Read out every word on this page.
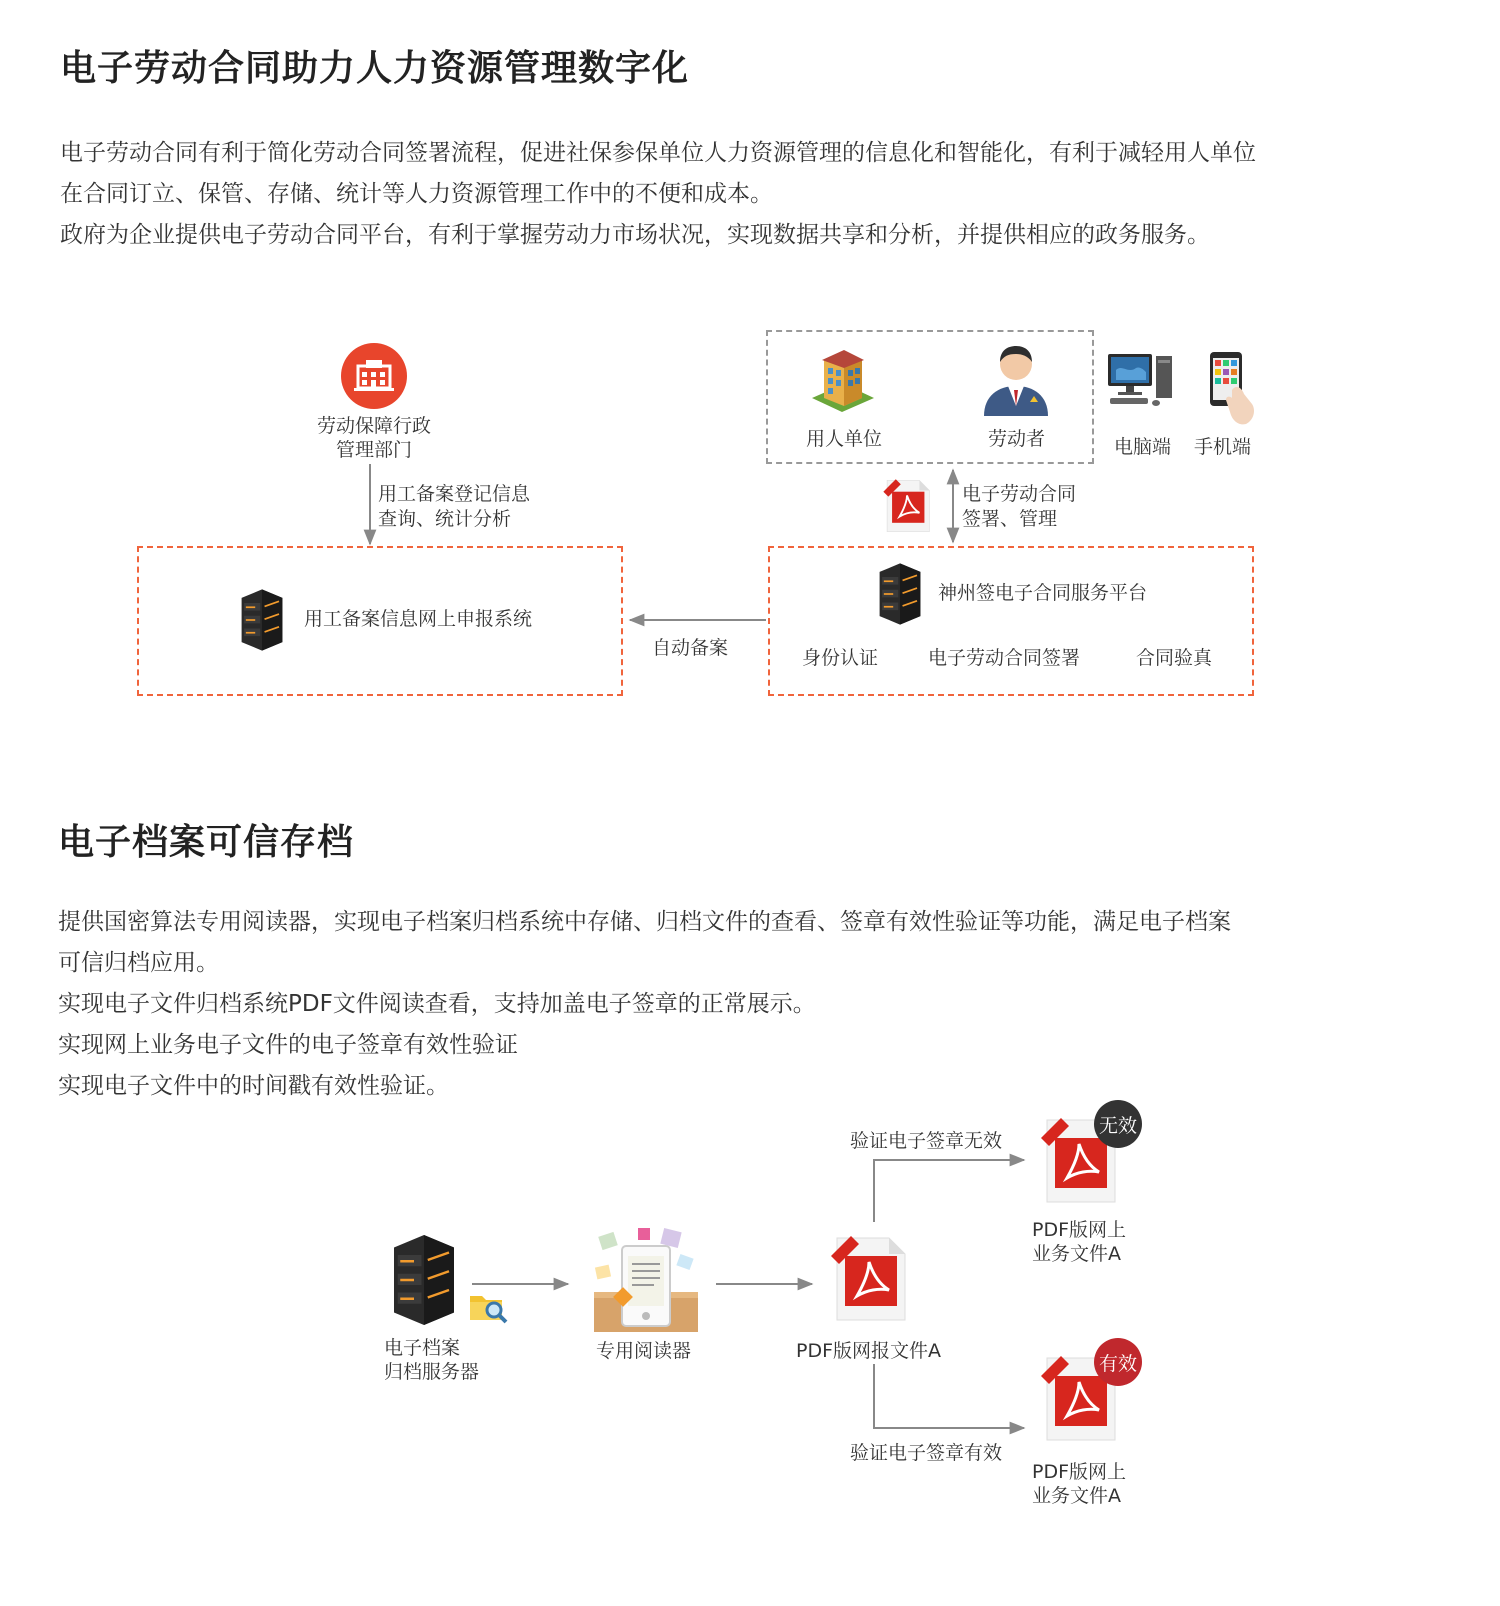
电子劳动合同助力人力资源管理数字化
电子劳动合同有利于简化劳动合同签署流程，促进社保参保单位人力资源管理的信息化和智能化，有利于减轻用人单位
在合同订立、保管、存储、统计等人力资源管理工作中的不便和成本。
政府为企业提供电子劳动合同平台，有利于掌握劳动力市场状况，实现数据共享和分析，并提供相应的政务服务。
劳动保障行政
管理部门
用工备案登记信息
查询、统计分析
用工备案信息网上申报系统
自动备案
用人单位	劳动者	电脑端 手机端
电子劳动合同
签署、管理
神州签电子合同服务平台
身份认证	电子劳动合同签署	合同验真
电子档案可信存档
提供国密算法专用阅读器，实现电子档案归档系统中存储、归档文件的查看、签章有效性验证等功能，满足电子档案
可信归档应用。
实现电子文件归档系统PDF文件阅读查看，支持加盖电子签章的正常展示。
实现网上业务电子文件的电子签章有效性验证
实现电子文件中的时间戳有效性验证。
电子档案
归档服务器
专用阅读器	PDF版网报文件A
验证电子签章无效
验证电子签章有效
无效
PDF版网上
业务文件A
有效
PDF版网上
业务文件A
